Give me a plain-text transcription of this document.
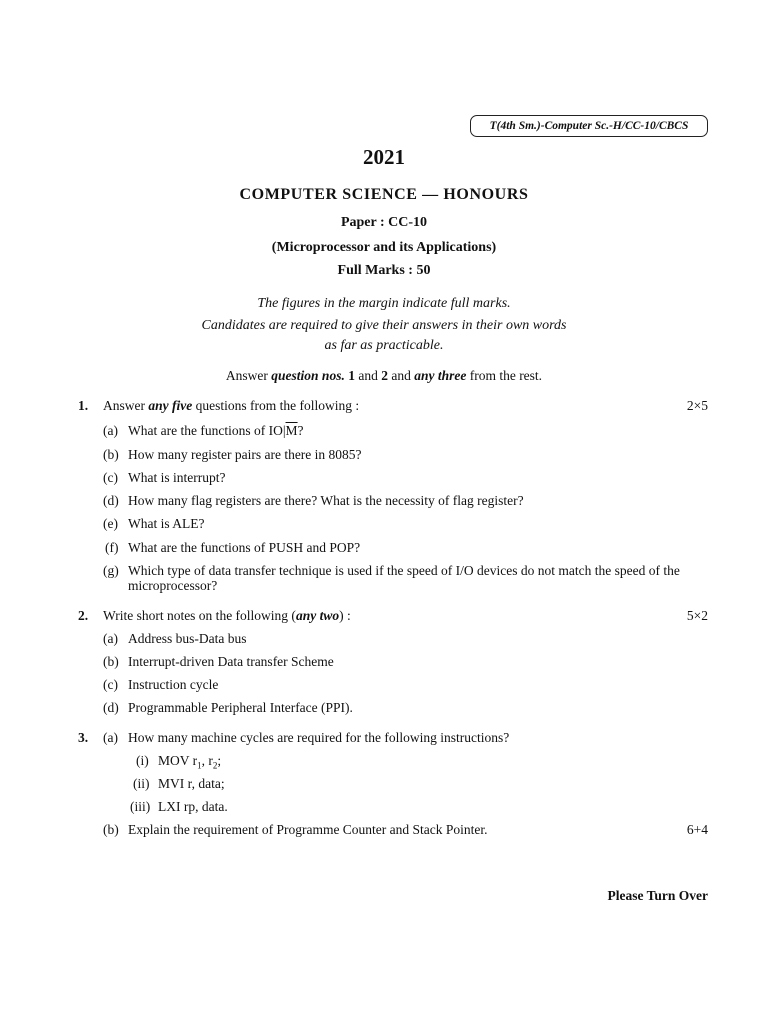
T(4th Sm.)-Computer Sc.-H/CC-10/CBCS
2021
COMPUTER SCIENCE — HONOURS
Paper : CC-10
(Microprocessor and its Applications)
Full Marks : 50
The figures in the margin indicate full marks.
Candidates are required to give their answers in their own words
as far as practicable.
Answer question nos. 1 and 2 and any three from the rest.
1. Answer any five questions from the following :	2×5
(a) What are the functions of $IO|\overline{M}$?
(b) How many register pairs are there in 8085?
(c) What is interrupt?
(d) How many flag registers are there? What is the necessity of flag register?
(e) What is ALE?
(f) What are the functions of PUSH and POP?
(g) Which type of data transfer technique is used if the speed of I/O devices do not match the speed of the microprocessor?
2. Write short notes on the following (any two) :	5×2
(a) Address bus-Data bus
(b) Interrupt-driven Data transfer Scheme
(c) Instruction cycle
(d) Programmable Peripheral Interface (PPI).
3. (a) How many machine cycles are required for the following instructions?
(i) MOV $r_1$, $r_2$;
(ii) MVI r, data;
(iii) LXI rp, data.
(b) Explain the requirement of Programme Counter and Stack Pointer.	6+4
Please Turn Over
